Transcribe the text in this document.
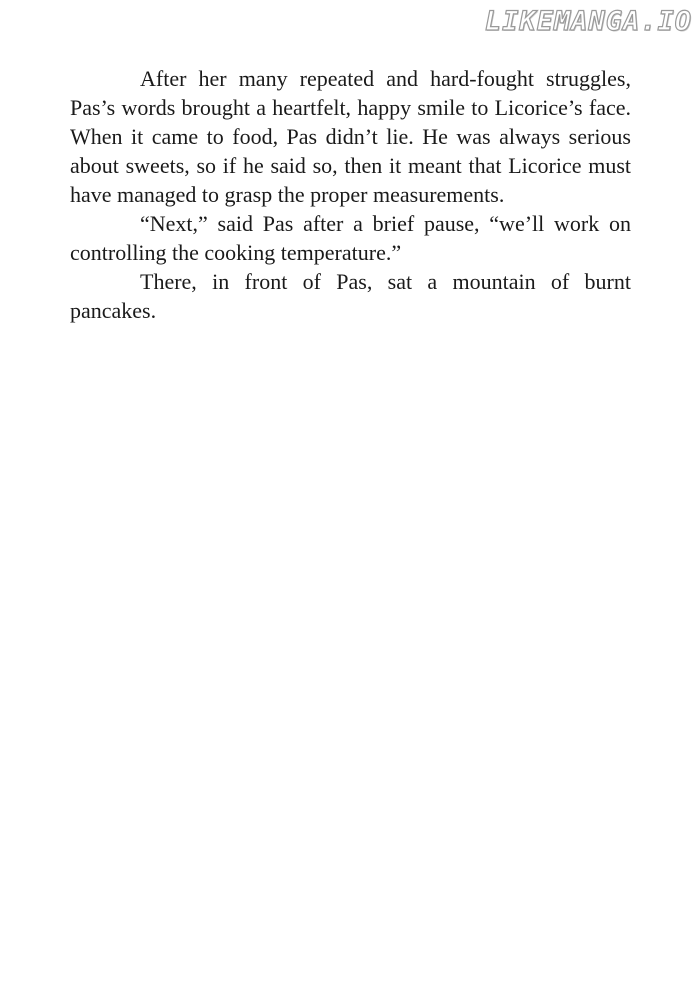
LIKEMANGA.IO

After her many repeated and hard-fought struggles, Pas’s words brought a heartfelt, happy smile to Licorice’s face. When it came to food, Pas didn’t lie. He was always serious about sweets, so if he said so, then it meant that Licorice must have managed to grasp the proper measurements.

“Next,” said Pas after a brief pause, “we’ll work on controlling the cooking temperature.”

There, in front of Pas, sat a mountain of burnt pancakes.
